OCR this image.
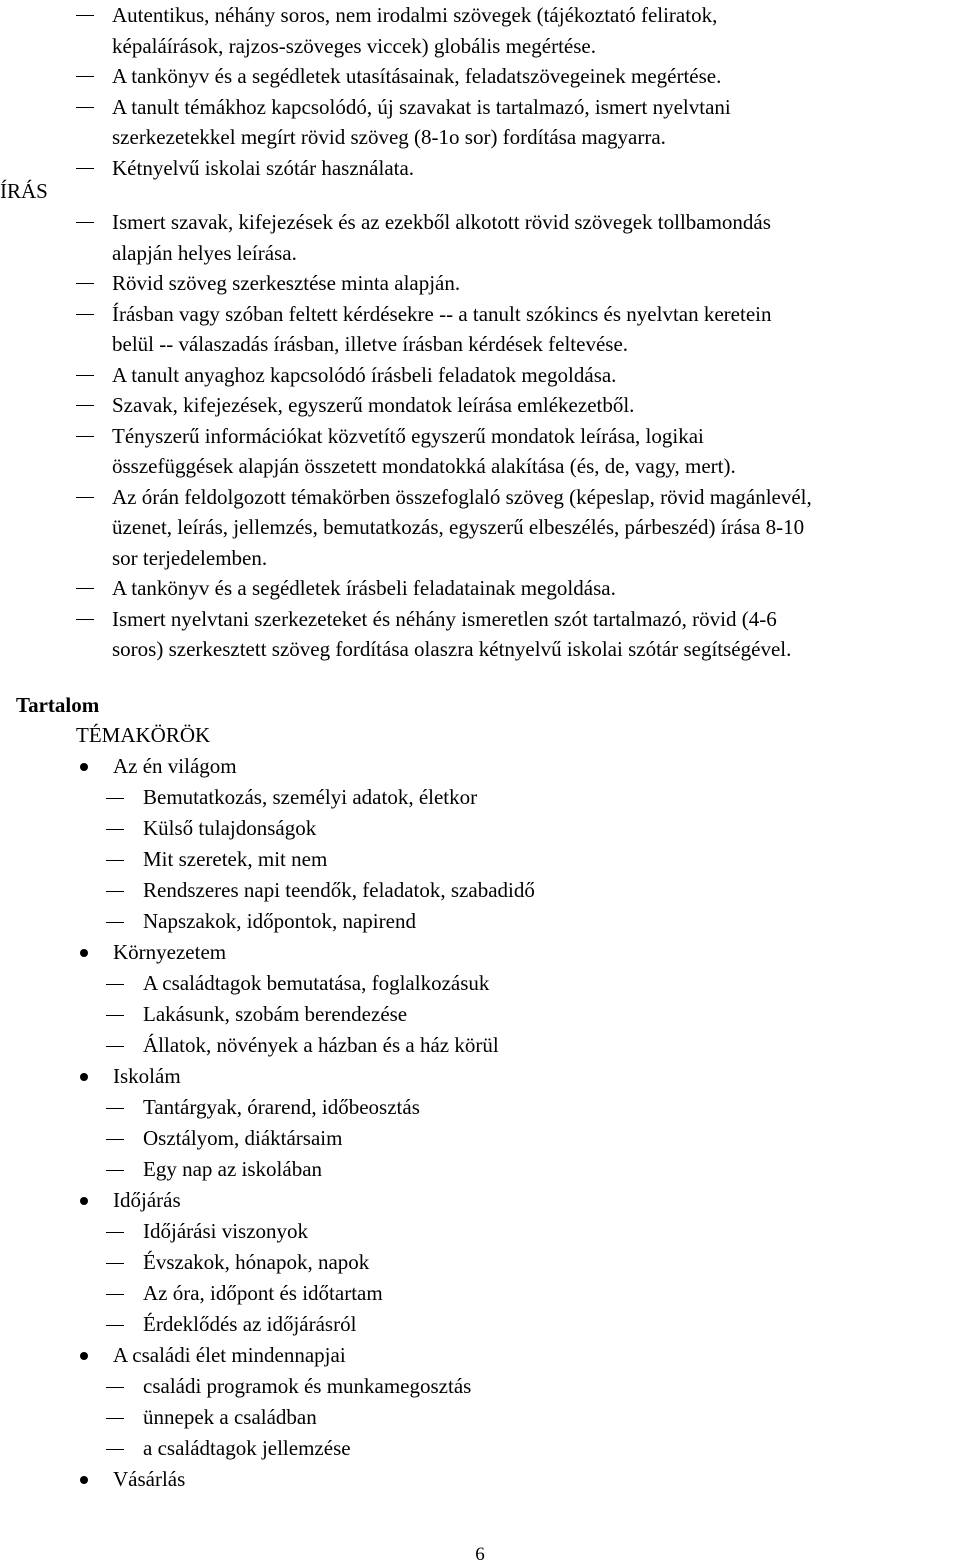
ÍRÁS
Autentikus, néhány soros, nem irodalmi szövegek (tájékoztató feliratok,
képaláírások, rajzos-szöveges viccek) globális megértése.
A tankönyv és a segédletek utasításainak, feladatszövegeinek megértése.
A tanult témákhoz kapcsolódó, új szavakat is tartalmazó, ismert nyelvtani
szerkezetekkel megírt rövid szöveg (8-1o sor) fordítása magyarra.
Kétnyelvű iskolai szótár használata.
Ismert szavak, kifejezések és az ezekből alkotott rövid szövegek tollbamondás
alapján helyes leírása.
Rövid szöveg szerkesztése minta alapján.
Írásban vagy szóban feltett kérdésekre -- a tanult szókincs és nyelvtan keretein
belül -- válaszadás írásban, illetve írásban kérdések feltevése.
A tanult anyaghoz kapcsolódó írásbeli feladatok megoldása.
Szavak, kifejezések, egyszerű mondatok leírása emlékezetből.
Tényszerű információkat közvetítő egyszerű mondatok leírása, logikai
összefüggések alapján összetett mondatokká alakítása (és, de, vagy, mert).
Az órán feldolgozott témakörben összefoglaló szöveg (képeslap, rövid magánlevél,
üzenet, leírás, jellemzés, bemutatkozás, egyszerű elbeszélés, párbeszéd) írása 8-10
sor terjedelemben.
A tankönyv és a segédletek írásbeli feladatainak megoldása.
Ismert nyelvtani szerkezeteket és néhány ismeretlen szót tartalmazó, rövid (4-6
soros) szerkesztett szöveg fordítása olaszra kétnyelvű iskolai szótár segítségével.
Tartalom
TÉMAKÖRÖK
Az én világom
Bemutatkozás, személyi adatok, életkor
Külső tulajdonságok
Mit szeretek, mit nem
Rendszeres napi teendők, feladatok, szabadidő
Napszakok, időpontok, napirend
Környezetem
A családtagok bemutatása, foglalkozásuk
Lakásunk, szobám berendezése
Állatok, növények a házban és a ház körül
Iskolám
Tantárgyak, órarend, időbeosztás
Osztályom, diáktársaim
Egy nap az iskolában
Időjárás
Időjárási viszonyok
Évszakok, hónapok, napok
Az óra, időpont és időtartam
Érdeklődés az időjárásról
A családi élet mindennapjai
családi programok és munkamegosztás
ünnepek a családban
a családtagok jellemzése
Vásárlás
6
